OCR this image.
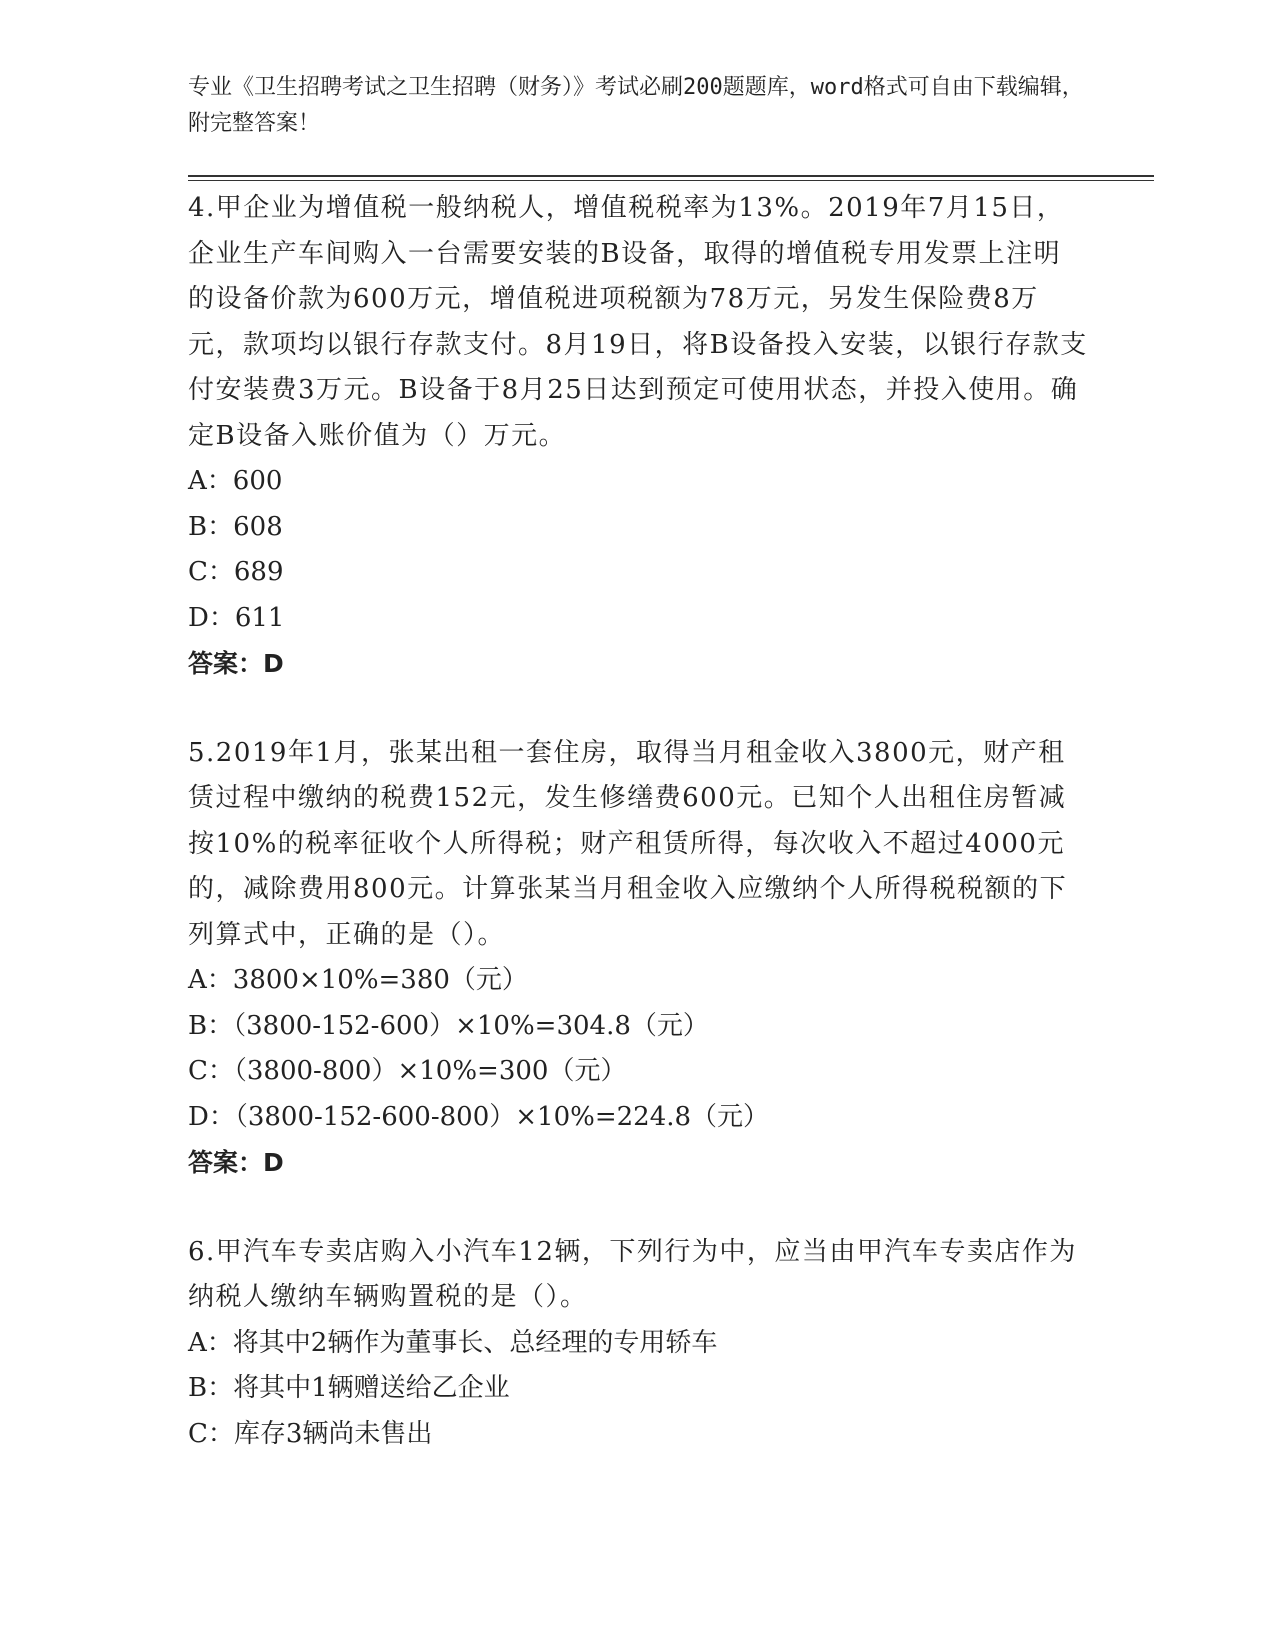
专业《卫生招聘考试之卫生招聘（财务）》考试必刷200题题库，word格式可自由下载编辑，附完整答案！

4.甲企业为增值税一般纳税人，增值税税率为13%。2019年7月15日，企业生产车间购入一台需要安装的B设备，取得的增值税专用发票上注明的设备价款为600万元，增值税进项税额为78万元，另发生保险费8万元，款项均以银行存款支付。8月19日，将B设备投入安装，以银行存款支付安装费3万元。B设备于8月25日达到预定可使用状态，并投入使用。确定B设备入账价值为（）万元。

A：600

B：608

C：689

D：611

答案：D

5.2019年1月，张某出租一套住房，取得当月租金收入3800元，财产租赁过程中缴纳的税费152元，发生修缮费600元。已知个人出租住房暂减按10%的税率征收个人所得税；财产租赁所得，每次收入不超过4000元的，减除费用800元。计算张某当月租金收入应缴纳个人所得税税额的下列算式中，正确的是（）。

A：3800×10%=380（元）

B：（3800-152-600）×10%=304.8（元）

C：（3800-800）×10%=300（元）

D：（3800-152-600-800）×10%=224.8（元）

答案：D

6.甲汽车专卖店购入小汽车12辆，下列行为中，应当由甲汽车专卖店作为纳税人缴纳车辆购置税的是（）。

A：将其中2辆作为董事长、总经理的专用轿车

B：将其中1辆赠送给乙企业

C：库存3辆尚未售出
